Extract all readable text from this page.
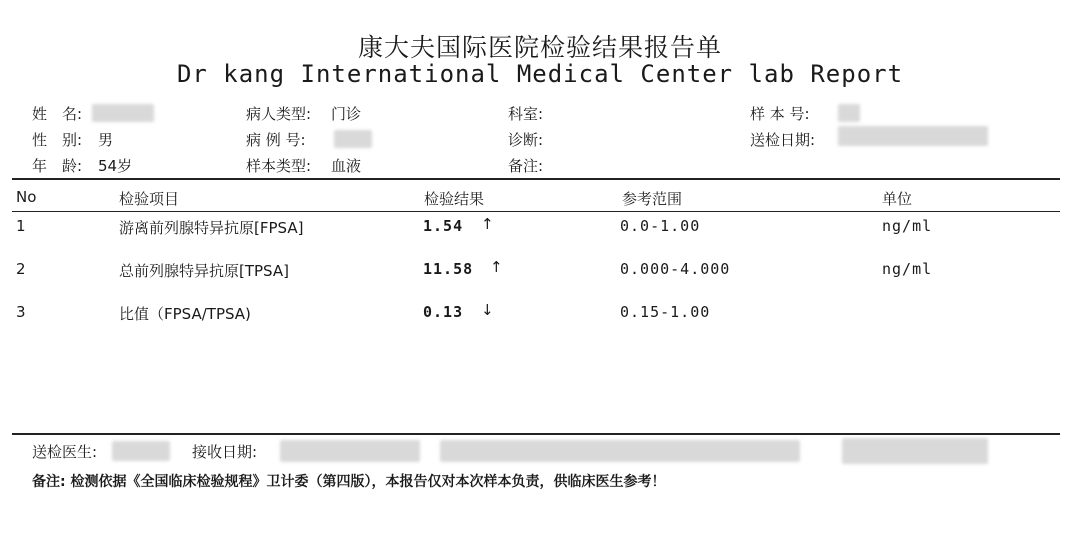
康大夫国际医院检验结果报告单
Dr kang International Medical Center lab Report
姓　名:
性　别: 男
年　龄: 54岁
病人类型: 门诊
病 例 号:
样本类型: 血液
科室:
诊断:
备注:
样 本 号:
送检日期:
No	检验项目	检验结果	参考范围	单位
1	游离前列腺特异抗原[FPSA]	1.54 ↑	0.0-1.00	ng/ml
2	总前列腺特异抗原[TPSA]	11.58 ↑	0.000-4.000	ng/ml
3	比值（FPSA/TPSA)	0.13 ↓	0.15-1.00
送检医生:	接收日期:
备注: 检测依据《全国临床检验规程》卫计委（第四版），本报告仅对本次样本负责，供临床医生参考！
